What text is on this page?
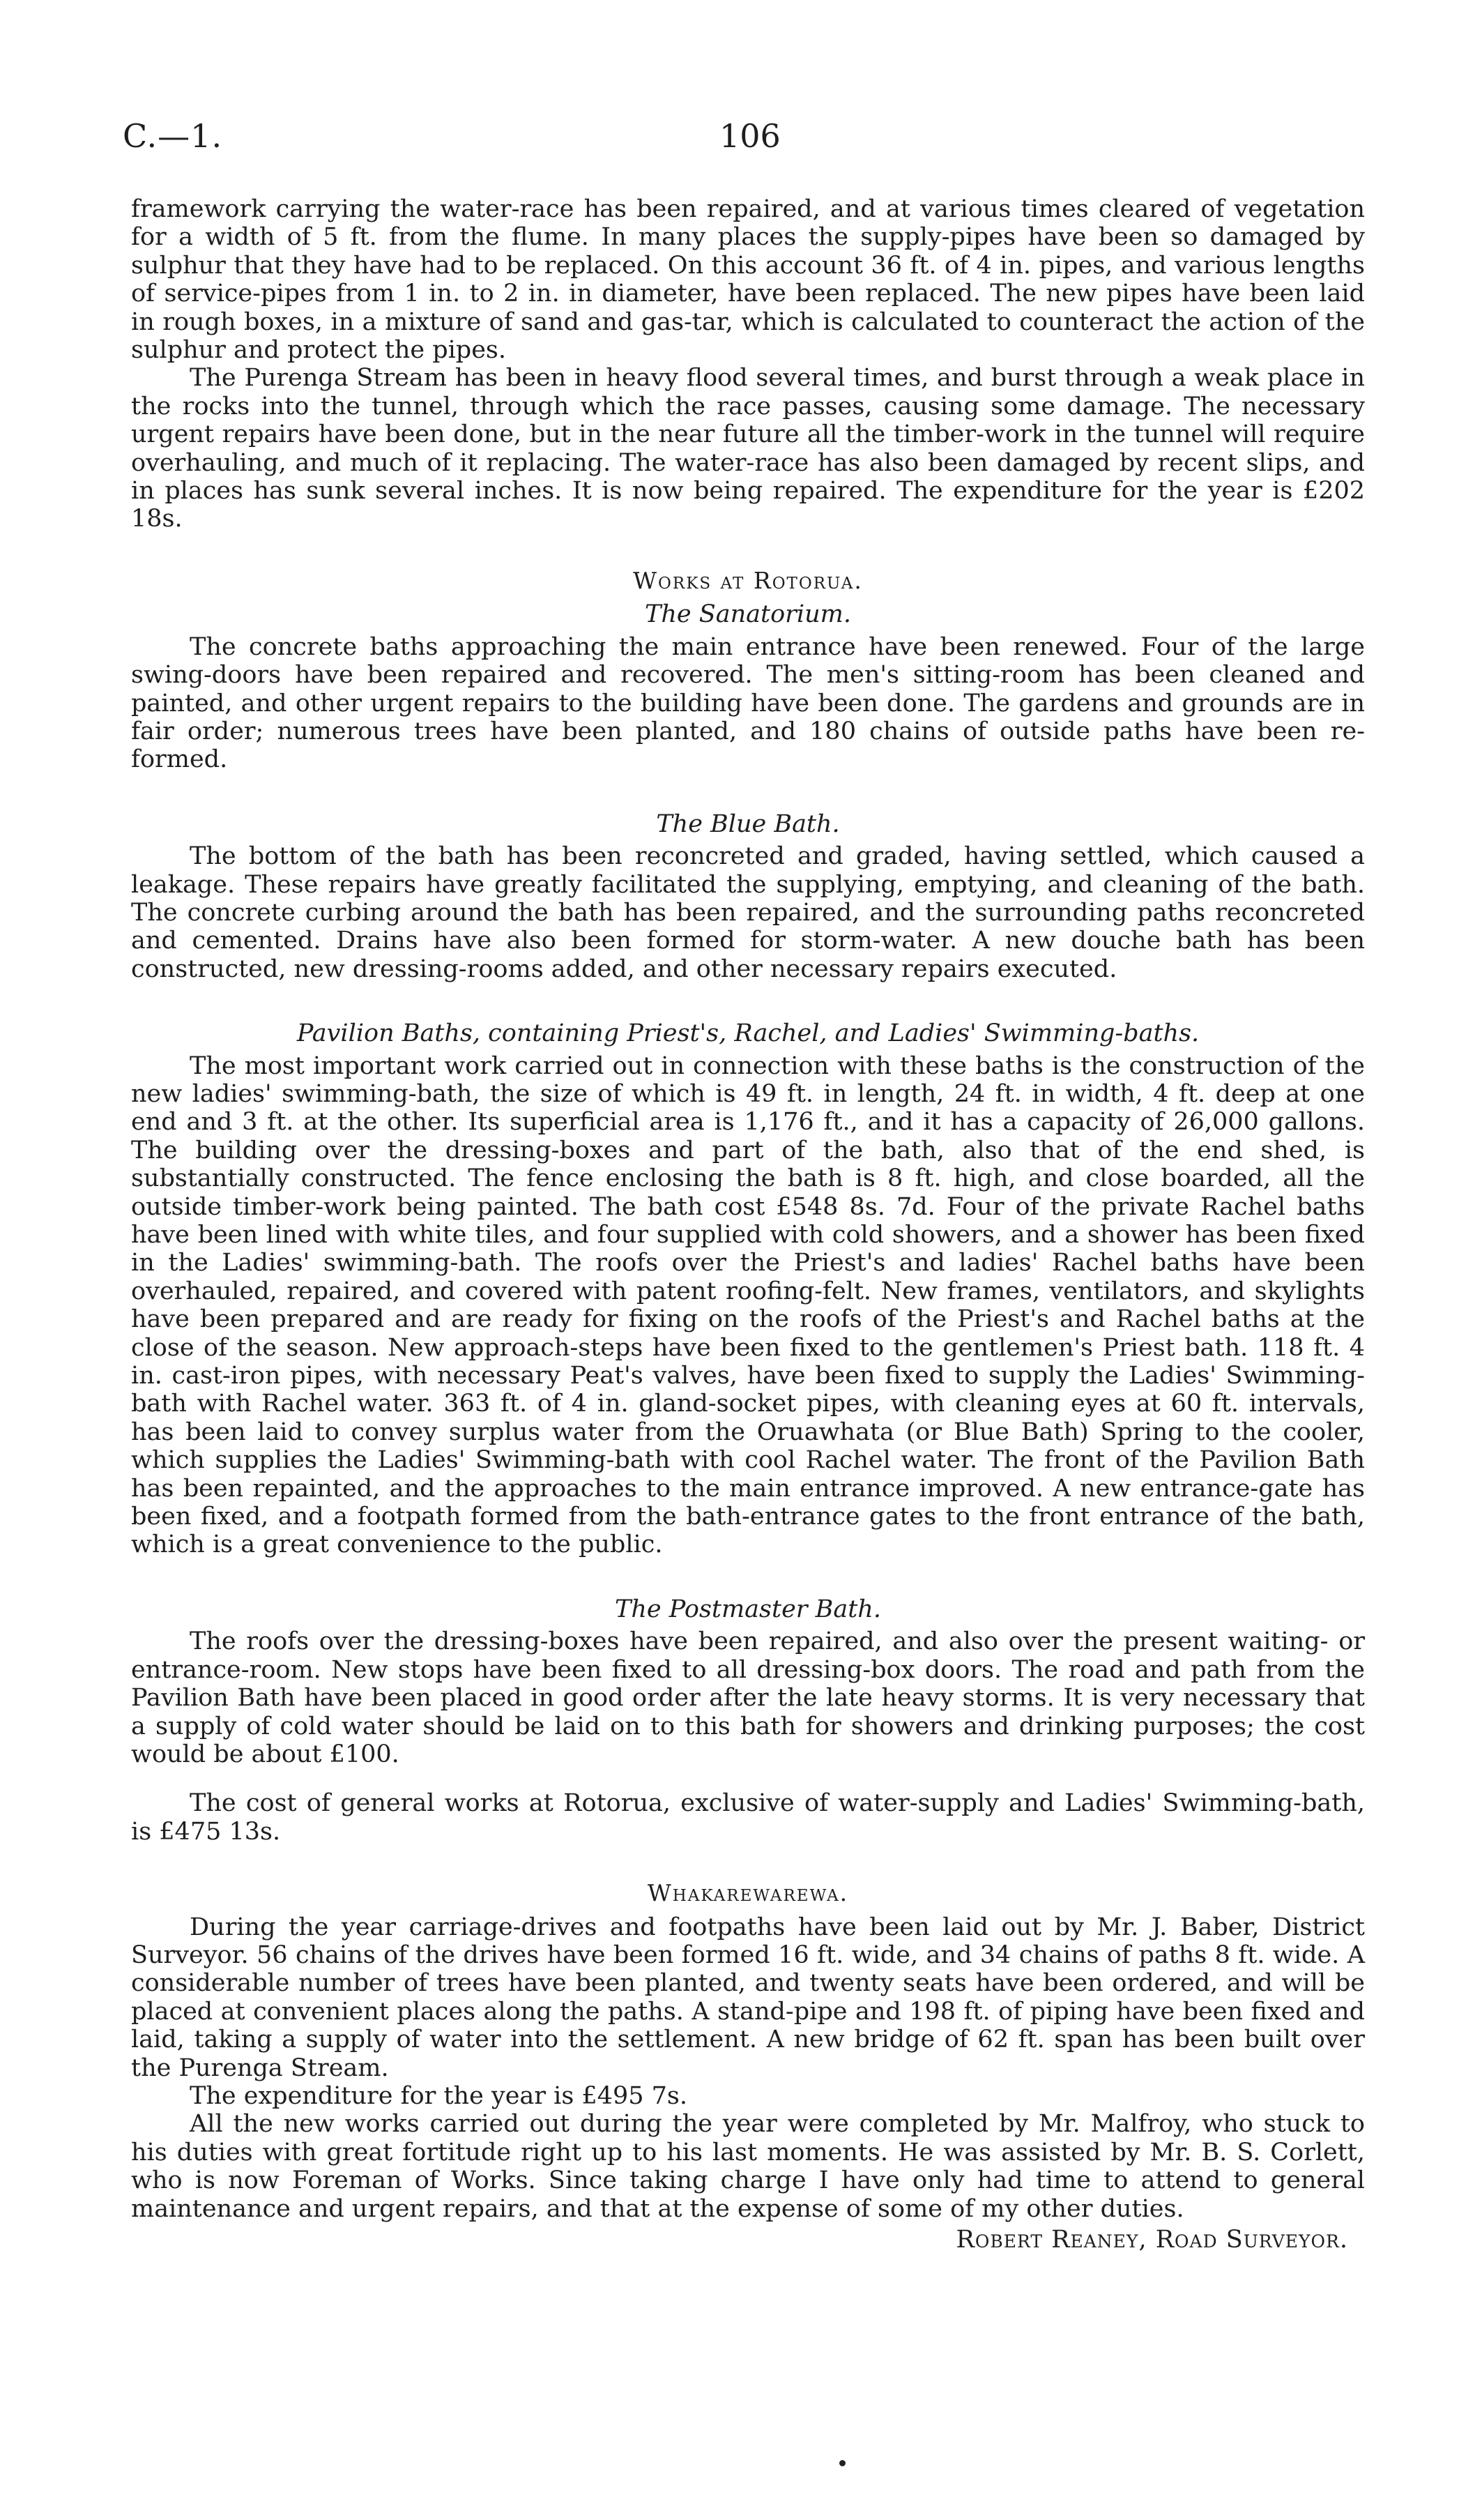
C.—1.	106

framework carrying the water-race has been repaired, and at various times cleared of vegetation for a width of 5 ft. from the flume. In many places the supply-pipes have been so damaged by sulphur that they have had to be replaced. On this account 36 ft. of 4 in. pipes, and various lengths of service-pipes from 1 in. to 2 in. in diameter, have been replaced. The new pipes have been laid in rough boxes, in a mixture of sand and gas-tar, which is calculated to counteract the action of the sulphur and protect the pipes.

The Purenga Stream has been in heavy flood several times, and burst through a weak place in the rocks into the tunnel, through which the race passes, causing some damage. The necessary urgent repairs have been done, but in the near future all the timber-work in the tunnel will require overhauling, and much of it replacing. The water-race has also been damaged by recent slips, and in places has sunk several inches. It is now being repaired. The expenditure for the year is £202 18s.

Works at Rotorua.
The Sanatorium.

The concrete baths approaching the main entrance have been renewed. Four of the large swing-doors have been repaired and recovered. The men's sitting-room has been cleaned and painted, and other urgent repairs to the building have been done. The gardens and grounds are in fair order; numerous trees have been planted, and 180 chains of outside paths have been re-formed.

The Blue Bath.

The bottom of the bath has been reconcreted and graded, having settled, which caused a leakage. These repairs have greatly facilitated the supplying, emptying, and cleaning of the bath. The concrete curbing around the bath has been repaired, and the surrounding paths reconcreted and cemented. Drains have also been formed for storm-water. A new douche bath has been constructed, new dressing-rooms added, and other necessary repairs executed.

Pavilion Baths, containing Priest's, Rachel, and Ladies' Swimming-baths.

The most important work carried out in connection with these baths is the construction of the new ladies' swimming-bath, the size of which is 49 ft. in length, 24 ft. in width, 4 ft. deep at one end and 3 ft. at the other. Its superficial area is 1,176 ft., and it has a capacity of 26,000 gallons. The building over the dressing-boxes and part of the bath, also that of the end shed, is substantially constructed. The fence enclosing the bath is 8 ft. high, and close boarded, all the outside timber-work being painted. The bath cost £548 8s. 7d. Four of the private Rachel baths have been lined with white tiles, and four supplied with cold showers, and a shower has been fixed in the Ladies' swimming-bath. The roofs over the Priest's and ladies' Rachel baths have been overhauled, repaired, and covered with patent roofing-felt. New frames, ventilators, and skylights have been prepared and are ready for fixing on the roofs of the Priest's and Rachel baths at the close of the season. New approach-steps have been fixed to the gentlemen's Priest bath. 118 ft. 4 in. cast-iron pipes, with necessary Peat's valves, have been fixed to supply the Ladies' Swimming-bath with Rachel water. 363 ft. of 4 in. gland-socket pipes, with cleaning eyes at 60 ft. intervals, has been laid to convey surplus water from the Oruawhata (or Blue Bath) Spring to the cooler, which supplies the Ladies' Swimming-bath with cool Rachel water. The front of the Pavilion Bath has been repainted, and the approaches to the main entrance improved. A new entrance-gate has been fixed, and a footpath formed from the bath-entrance gates to the front entrance of the bath, which is a great convenience to the public.

The Postmaster Bath.

The roofs over the dressing-boxes have been repaired, and also over the present waiting- or entrance-room. New stops have been fixed to all dressing-box doors. The road and path from the Pavilion Bath have been placed in good order after the late heavy storms. It is very necessary that a supply of cold water should be laid on to this bath for showers and drinking purposes; the cost would be about £100.

The cost of general works at Rotorua, exclusive of water-supply and Ladies' Swimming-bath, is £475 13s.

Whakarewarewa.

During the year carriage-drives and footpaths have been laid out by Mr. J. Baber, District Surveyor. 56 chains of the drives have been formed 16 ft. wide, and 34 chains of paths 8 ft. wide. A considerable number of trees have been planted, and twenty seats have been ordered, and will be placed at convenient places along the paths. A stand-pipe and 198 ft. of piping have been fixed and laid, taking a supply of water into the settlement. A new bridge of 62 ft. span has been built over the Purenga Stream.

The expenditure for the year is £495 7s.

All the new works carried out during the year were completed by Mr. Malfroy, who stuck to his duties with great fortitude right up to his last moments. He was assisted by Mr. B. S. Corlett, who is now Foreman of Works. Since taking charge I have only had time to attend to general maintenance and urgent repairs, and that at the expense of some of my other duties.

Robert Reaney, Road Surveyor.
